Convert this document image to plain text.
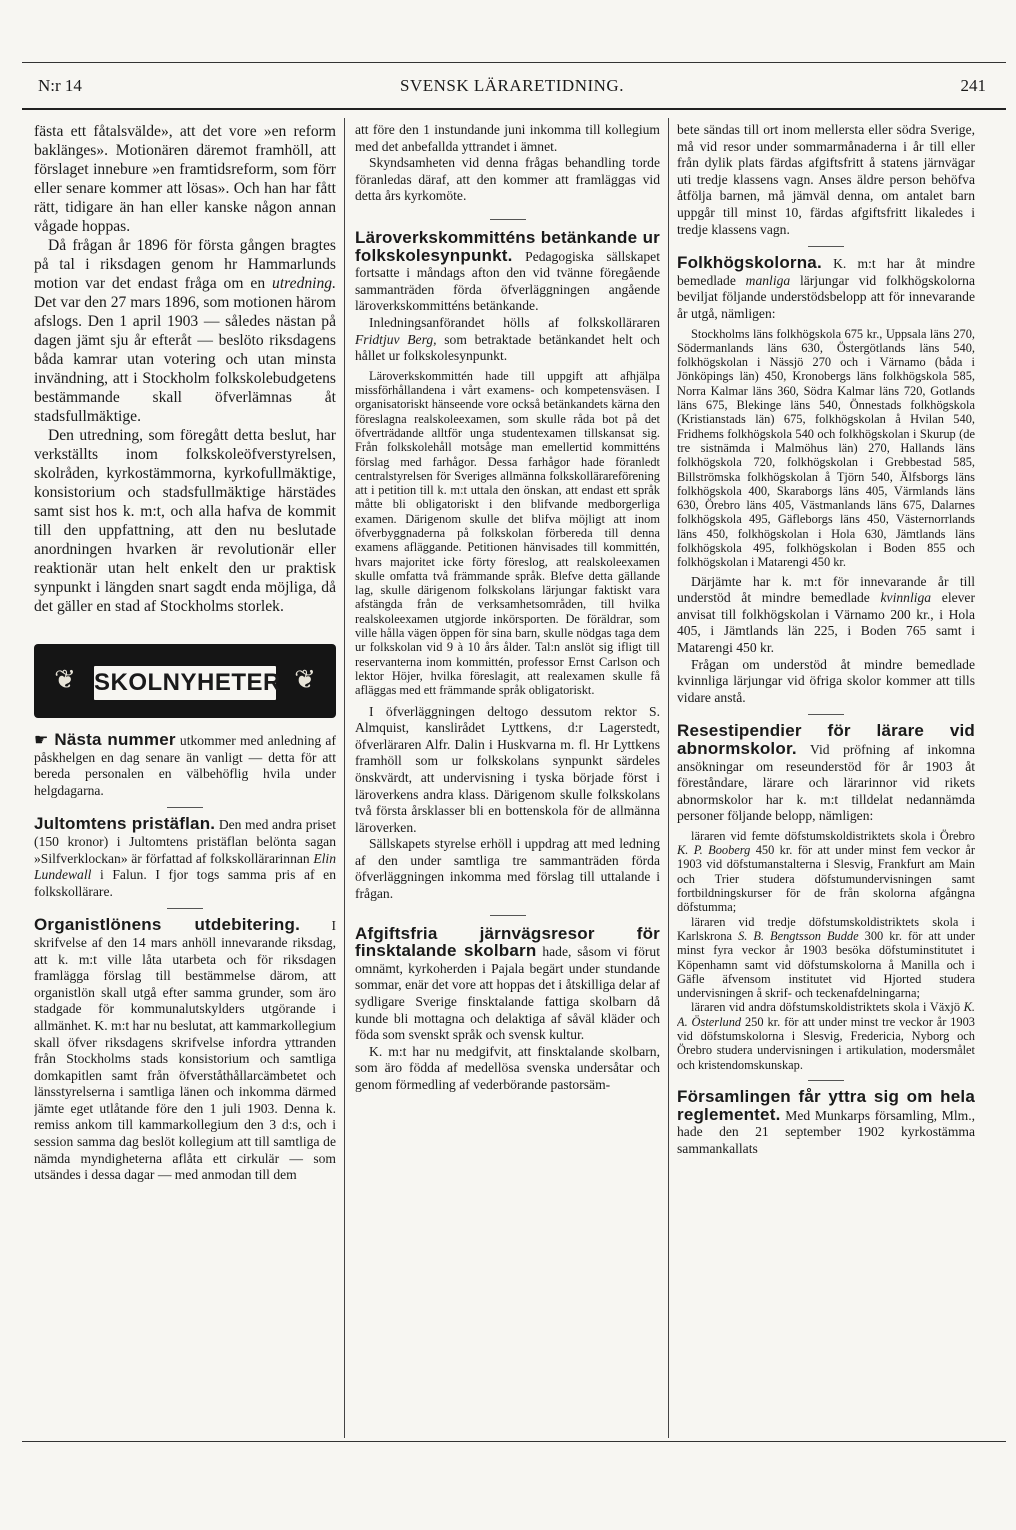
N:r 14	SVENSK LÄRARETIDNING.	241

fästa ett fåtalsvälde», att det vore »en reform baklänges». Motionären däremot framhöll, att förslaget innebure »en framtidsreform, som förr eller senare kommer att lösas». Och han har fått rätt, tidigare än han eller kanske någon annan vågade hoppas.

Då frågan år 1896 för första gången bragtes på tal i riksdagen genom hr Hammarlunds motion var det endast fråga om en utredning. Det var den 27 mars 1896, som motionen härom afslogs. Den 1 april 1903 — således nästan på dagen jämt sju år efteråt — beslöto riksdagens båda kamrar utan votering och utan minsta invändning, att i Stockholm folkskolebudgetens bestämmande skall öfverlämnas åt stadsfullmäktige.

Den utredning, som föregått detta beslut, har verkställts inom folkskoleöfverstyrelsen, skolråden, kyrkostämmorna, kyrkofullmäktige, konsistorium och stadsfullmäktige härstädes samt sist hos k. m:t, och alla hafva de kommit till den uppfattning, att den nu beslutade anordningen hvarken är revolutionär eller reaktionär utan helt enkelt den ur praktisk synpunkt i längden snart sagdt enda möjliga, då det gäller en stad af Stockholms storlek.

❦ SKOLNYHETER ❦

☛ Nästa nummer utkommer med anledning af påskhelgen en dag senare än vanligt — detta för att bereda personalen en välbehöflig hvila under helgdagarna.

Jultomtens pristäflan. Den med andra priset (150 kronor) i Jultomtens pristäflan belönta sagan »Silfverklockan» är författad af folkskollärarinnan Elin Lundewall i Falun. I fjor togs samma pris af en folkskollärare.

Organistlönens utdebitering. I skrifvelse af den 14 mars anhöll innevarande riksdag, att k. m:t ville låta utarbeta och för riksdagen framlägga förslag till bestämmelse därom, att organistlön skall utgå efter samma grunder, som äro stadgade för kommunalutskylders utgörande i allmänhet. K. m:t har nu beslutat, att kammarkollegium skall öfver riksdagens skrifvelse infordra yttranden från Stockholms stads konsistorium och samtliga domkapitlen samt från öfverståthållarcämbetet och länsstyrelserna i samtliga länen och inkomma därmed jämte eget utlåtande före den 1 juli 1903. Denna k. remiss ankom till kammarkollegium den 3 d:s, och i session samma dag beslöt kollegium att till samtliga de nämda myndigheterna aflåta ett cirkulär — som utsändes i dessa dagar — med anmodan till dem

att före den 1 instundande juni inkomma till kollegium med det anbefallda yttrandet i ämnet.

Skyndsamheten vid denna frågas behandling torde föranledas däraf, att den kommer att framläggas vid detta års kyrkomöte.

Läroverkskommitténs betänkande ur folkskolesynpunkt. Pedagogiska sällskapet fortsatte i måndags afton den vid tvänne föregående sammanträden förda öfverläggningen angående läroverkskommitténs betänkande.

Inledningsanförandet hölls af folkskolläraren Fridtjuv Berg, som betraktade betänkandet helt och hållet ur folkskolesynpunkt.

Läroverkskommittén hade till uppgift att afhjälpa missförhållandena i vårt examens- och kompetensväsen. I organisatoriskt hänseende vore också betänkandets kärna den föreslagna realskoleexamen, som skulle råda bot på det öfverträdande alltför unga studentexamen tillskansat sig. Från folkskolehåll motsåge man emellertid kommitténs förslag med farhågor. Dessa farhågor hade föranledt centralstyrelsen för Sveriges allmänna folkskollärareförening att i petition till k. m:t uttala den önskan, att endast ett språk måtte bli obligatoriskt i den blifvande medborgerliga examen. Därigenom skulle det blifva möjligt att inom öfverbyggnaderna på folkskolan förbereda till denna examens afläggande. Petitionen hänvisades till kommittén, hvars majoritet icke förty föreslog, att realskoleexamen skulle omfatta två främmande språk. Blefve detta gällande lag, skulle därigenom folkskolans lärjungar faktiskt vara afstängda från de verksamhetsområden, till hvilka realskoleexamen utgjorde inkörsporten. De föräldrar, som ville hålla vägen öppen för sina barn, skulle nödgas taga dem ur folkskolan vid 9 à 10 års ålder. Tal:n anslöt sig ifligt till reservanterna inom kommittén, professor Ernst Carlson och lektor Höjer, hvilka föreslagit, att realexamen skulle få afläggas med ett främmande språk obligatoriskt.

I öfverläggningen deltogo dessutom rektor S. Almquist, kanslirådet Lyttkens, d:r Lagerstedt, öfverläraren Alfr. Dalin i Huskvarna m. fl. Hr Lyttkens framhöll som ur folkskolans synpunkt särdeles önskvärdt, att undervisning i tyska började först i läroverkens andra klass. Därigenom skulle folkskolans två första årsklasser bli en bottenskola för de allmänna läroverken.

Sällskapets styrelse erhöll i uppdrag att med ledning af den under samtliga tre sammanträden förda öfverläggningen inkomma med förslag till uttalande i frågan.

Afgiftsfria järnvägsresor för finsktalande skolbarn hade, såsom vi förut omnämt, kyrkoherden i Pajala begärt under stundande sommar, enär det vore att hoppas det i åtskilliga delar af sydligare Sverige finsktalande fattiga skolbarn då kunde bli mottagna och delaktiga af såväl kläder och föda som svenskt språk och svensk kultur.

K. m:t har nu medgifvit, att finsktalande skolbarn, som äro födda af medellösa svenska undersåtar och genom förmedling af vederbörande pastorsäm-

bete sändas till ort inom mellersta eller södra Sverige, må vid resor under sommarmånaderna i år till eller från dylik plats färdas afgiftsfritt å statens järnvägar uti tredje klassens vagn. Anses äldre person behöfva åtfölja barnen, må jämväl denna, om antalet barn uppgår till minst 10, färdas afgiftsfritt likaledes i tredje klassens vagn.

Folkhögskolorna. K. m:t har åt mindre bemedlade manliga lärjungar vid folkhögskolorna beviljat följande understödsbelopp att för innevarande år utgå, nämligen:

Stockholms läns folkhögskola 675 kr., Uppsala läns 270, Södermanlands läns 630, Östergötlands läns 540, folkhögskolan i Nässjö 270 och i Värnamo (båda i Jönköpings län) 450, Kronobergs läns folkhögskola 585, Norra Kalmar läns 360, Södra Kalmar läns 720, Gotlands läns 675, Blekinge läns 540, Önnestads folkhögskola (Kristianstads län) 675, folkhögskolan å Hvilan 540, Fridhems folkhögskola 540 och folkhögskolan i Skurup (de tre sistnämda i Malmöhus län) 270, Hallands läns folkhögskola 720, folkhögskolan i Grebbestad 585, Billströmska folkhögskolan å Tjörn 540, Älfsborgs läns folkhögskola 400, Skaraborgs läns 405, Värmlands läns 630, Örebro läns 405, Västmanlands läns 675, Dalarnes folkhögskola 495, Gäfleborgs läns 450, Västernorrlands läns 450, folkhögskolan i Hola 630, Jämtlands läns folkhögskola 495, folkhögskolan i Boden 855 och folkhögskolan i Matarengi 450 kr.

Därjämte har k. m:t för innevarande år till understöd åt mindre bemedlade kvinnliga elever anvisat till folkhögskolan i Värnamo 200 kr., i Hola 405, i Jämtlands län 225, i Boden 765 samt i Matarengi 450 kr.

Frågan om understöd åt mindre bemedlade kvinnliga lärjungar vid öfriga skolor kommer att tills vidare anstå.

Resestipendier för lärare vid abnormskolor. Vid pröfning af inkomna ansökningar om reseunderstöd för år 1903 åt föreståndare, lärare och lärarinnor vid rikets abnormskolor har k. m:t tilldelat nedannämda personer följande belopp, nämligen:

läraren vid femte döfstumskoldistriktets skola i Örebro K. P. Booberg 450 kr. för att under minst fem veckor år 1903 vid döfstumanstalterna i Slesvig, Frankfurt am Main och Trier studera döfstumundervisningen samt fortbildningskurser för de från skolorna afgångna döfstumma;

läraren vid tredje döfstumskoldistriktets skola i Karlskrona S. B. Bengtsson Budde 300 kr. för att under minst fyra veckor år 1903 besöka döfstuminstitutet i Köpenhamn samt vid döfstumskolorna å Manilla och i Gäfle äfvensom institutet vid Hjorted studera undervisningen å skrif- och teckenafdelningarna;

läraren vid andra döfstumskoldistriktets skola i Växjö K. A. Österlund 250 kr. för att under minst tre veckor år 1903 vid döfstumskolorna i Slesvig, Fredericia, Nyborg och Örebro studera undervisningen i artikulation, modersmålet och kristendomskunskap.

Församlingen får yttra sig om hela reglementet. Med Munkarps församling, Mlm., hade den 21 september 1902 kyrkostämma sammankallats
